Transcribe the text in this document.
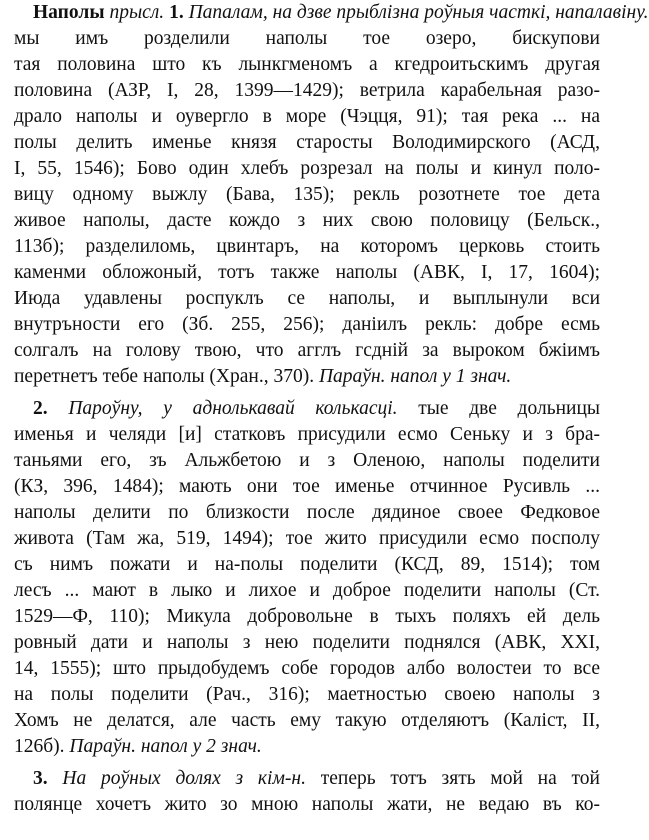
Наполы прысл. 1. Папалам, на дзве прыблізна роўныя часткі, напалавіну.
мы имъ розделили наполы тое озеро, бискупови
тая половина што къ лынкгменомъ а кгедроитьскимъ другая
половина (АЗР, I, 28, 1399—1429); ветрила карабельная разо-
драло наполы и оувергло в море (Чэцця, 91); тая река ... на
полы делить именье князя старосты Володимирского (АСД,
I, 55, 1546); Бово один хлебъ розрезал на полы и кинул поло-
вицу одному выжлу (Бава, 135); рекль розотнете тое дета
живое наполы, дасте кождо з них свою половицу (Бельск.,
113б); разделиломь, цвинтаръ, на которомъ церковь стоить
каменми обложоный, тотъ также наполы (АВК, I, 17, 1604);
Июда удавлены роспуклъ се наполы, и выплынули вси
внутръности его (Зб. 255, 256); даніилъ рекль: добре есмь
солгалъ на голову твою, что агглъ гсдній за выроком бжіимъ
перетнетъ тебе наполы (Хран., 370). Параўн. напол у 1 знач.
2. Пароўну, у аднолькавай колькасці. тые две дольницы
именья и челяди [и] статковъ присудили есмо Сеньку и з бра-
таньями его, зъ Альжбетою и з Оленою, наполы поделити
(КЗ, 396, 1484); мають они тое именье отчинное Русивль ...
наполы делити по близкости после дядиное своее Федковое
живота (Там жа, 519, 1494); тое жито присудили есмо посполу
съ нимъ пожати и на-полы поделити (КСД, 89, 1514); том
лесъ ... мают в лыко и лихое и доброе поделити наполы (Ст.
1529—Ф, 110); Микула добровольне в тыхъ поляхъ ей дель
ровный дати и наполы з нею поделити поднялся (АВК, XXI,
14, 1555); што прыдобудемъ собе городов албо волостеи то все
на полы поделити (Рач., 316); маетностью своею наполы з
Хомъ не делатся, але часть ему такую отделяютъ (Каліст, II,
126б). Параўн. напол у 2 знач.
3. На роўных долях з кім-н. теперь тотъ зять мой на той
полянце хочетъ жито зо мною наполы жати, не ведаю въ ко-
